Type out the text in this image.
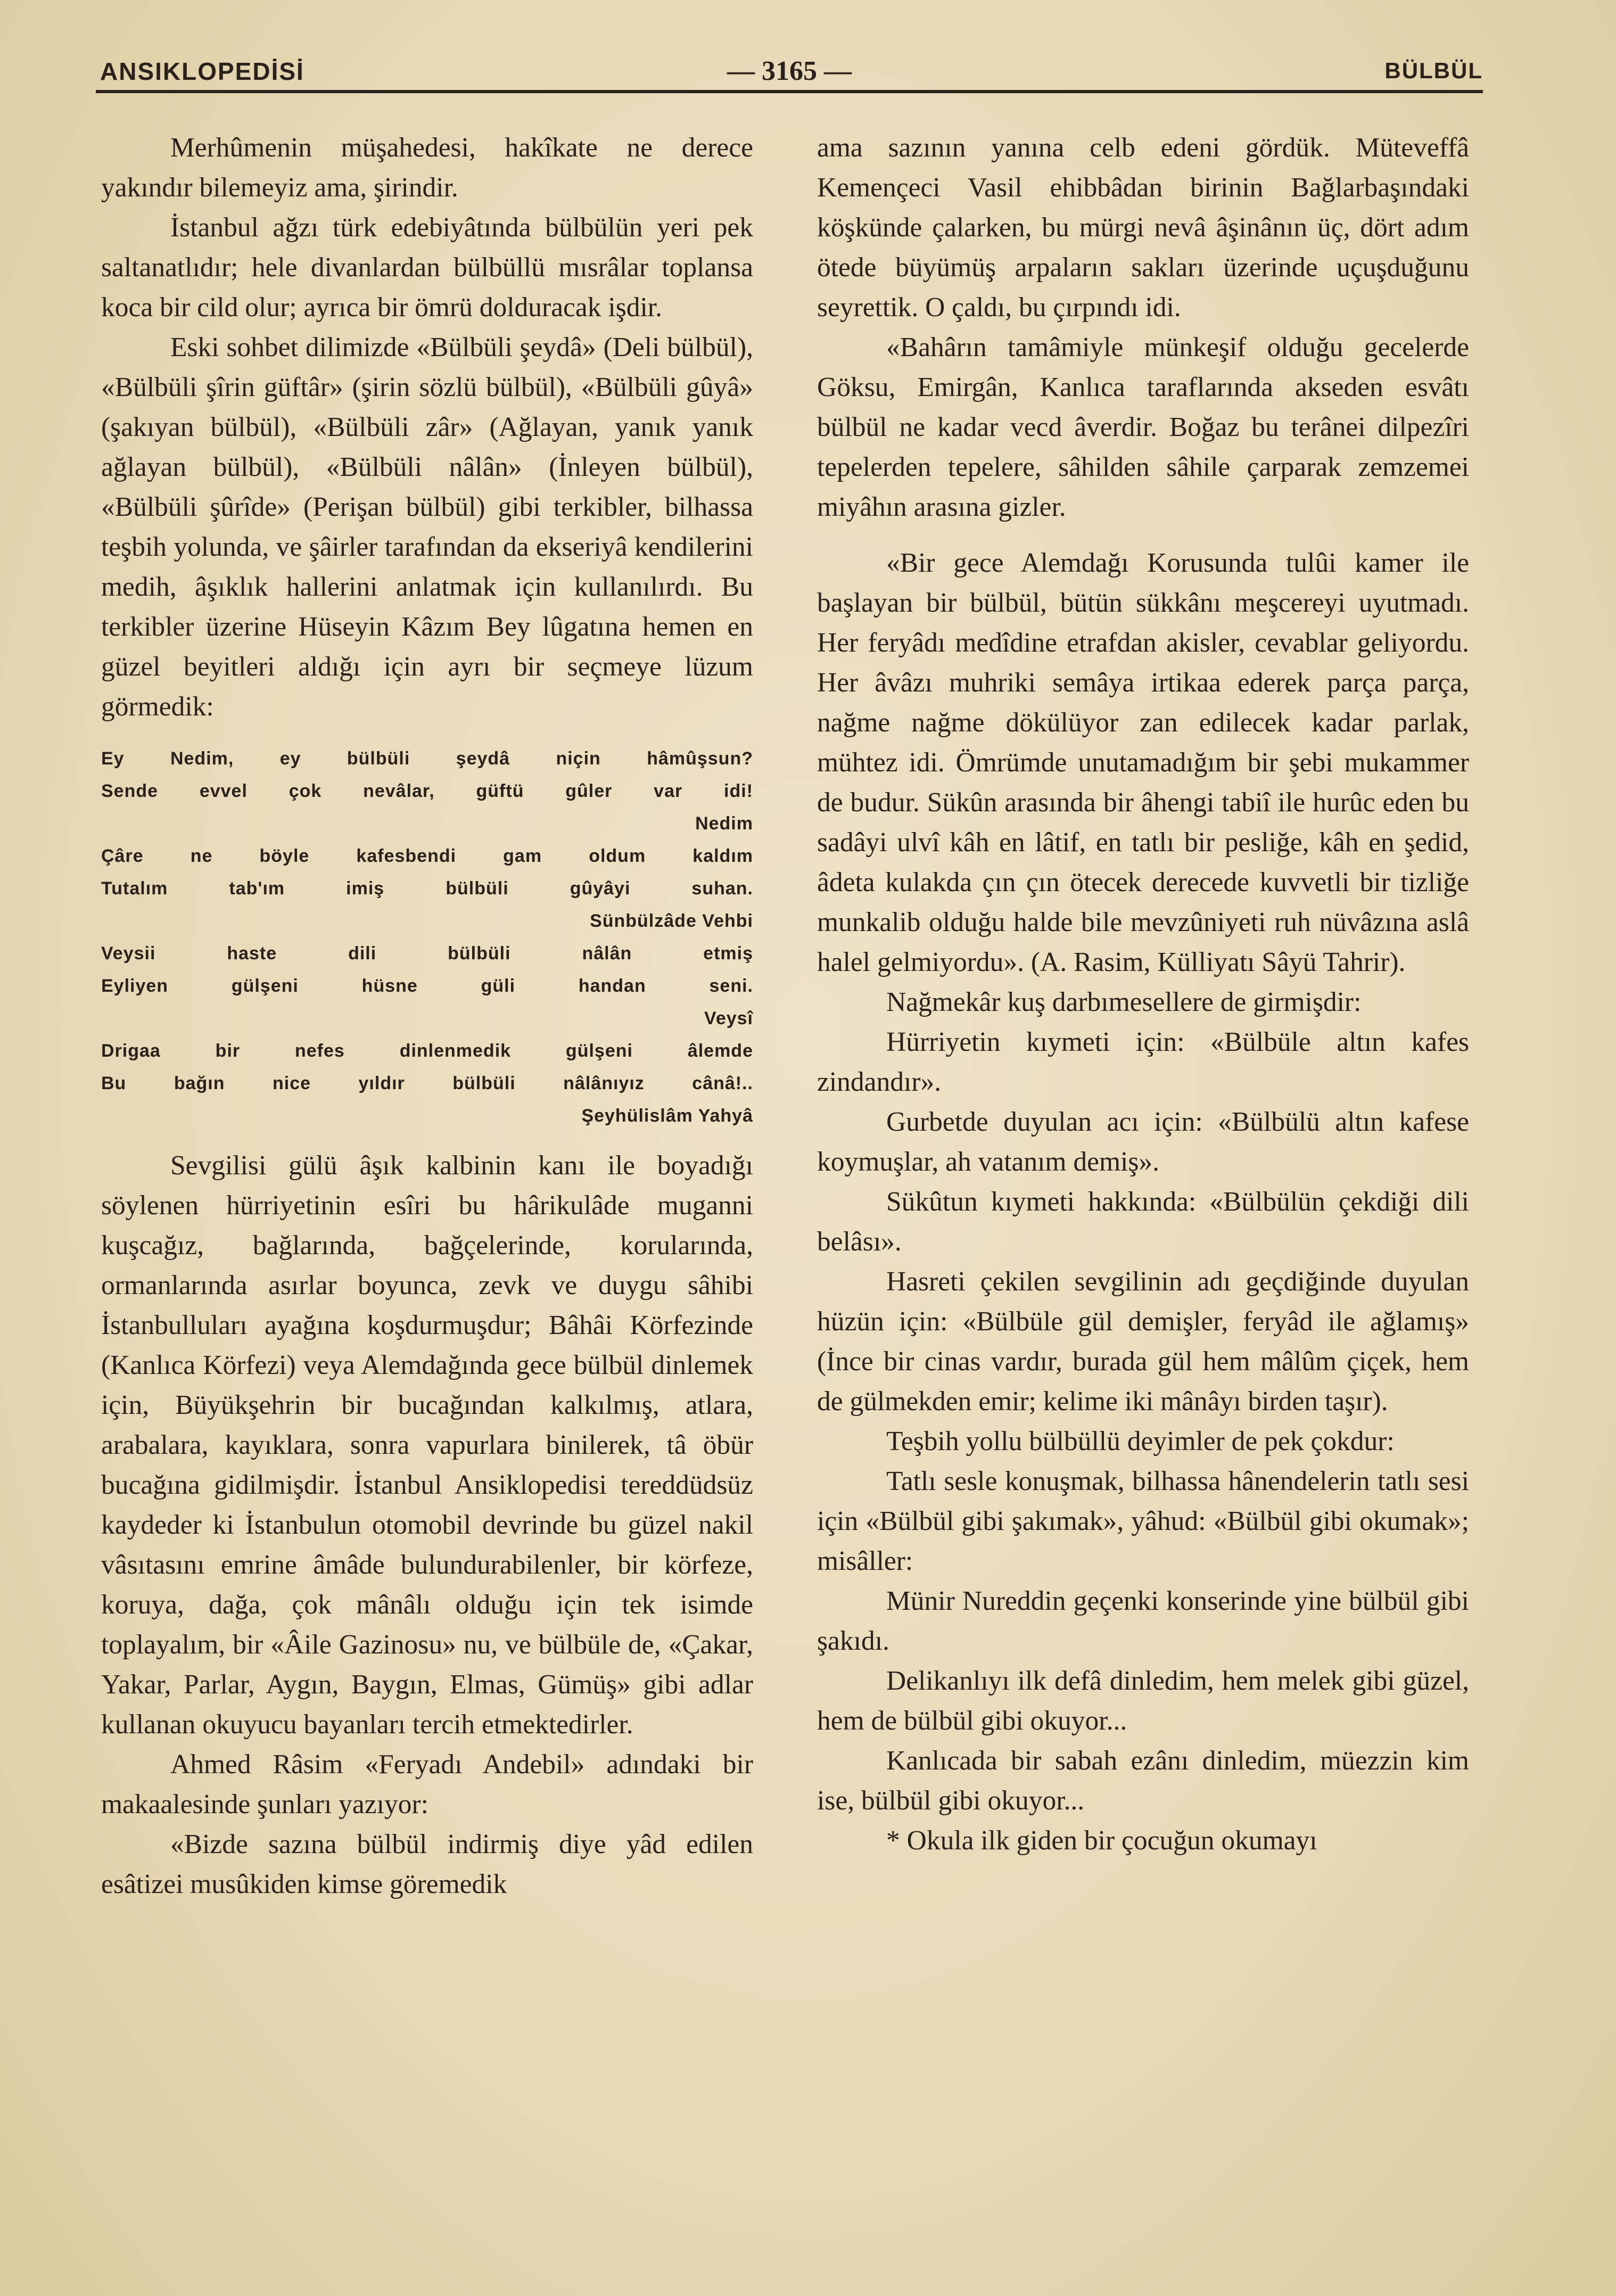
ANSIKLOPEDİSİ	— 3165 —	BÜLBÜL

Merhûmenin müşahedesi, hakîkate ne derece yakındır bilemeyiz ama, şirindir.

İstanbul ağzı türk edebiyâtında bülbülün yeri pek saltanatlıdır; hele divanlardan bülbüllü mısrâlar toplansa koca bir cild olur; ayrıca bir ömrü dolduracak işdir.

Eski sohbet dilimizde «Bülbüli şeydâ» (Deli bülbül), «Bülbüli şîrin güftâr» (şirin sözlü bülbül), «Bülbüli gûyâ» (şakıyan bülbül), «Bülbüli zâr» (Ağlayan, yanık yanık ağlayan bülbül), «Bülbüli nâlân» (İnleyen bülbül), «Bülbüli şûrîde» (Perişan bülbül) gibi terkibler, bilhassa teşbih yolunda, ve şâirler tarafından da ekseriyâ kendilerini medih, âşıklık hallerini anlatmak için kullanılırdı. Bu terkibler üzerine Hüseyin Kâzım Bey lûgatına hemen en güzel beyitleri aldığı için ayrı bir seçmeye lüzum görmedik:

Ey Nedim, ey bülbüli şeydâ niçin hâmûşsun?
Sende evvel çok nevâlar, güftü gûler var idi!
Nedim
Çâre ne böyle kafesbendi gam oldum kaldım
Tutalım tab'ım imiş bülbüli gûyâyi suhan.
Sünbülzâde Vehbi
Veysii haste dili bülbüli nâlân etmiş
Eyliyen gülşeni hüsne güli handan seni.
Veysî
Drigaa bir nefes dinlenmedik gülşeni âlemde
Bu bağın nice yıldır bülbüli nâlânıyız cânâ!..
Şeyhülislâm Yahyâ

Sevgilisi gülü âşık kalbinin kanı ile boyadığı söylenen hürriyetinin esîri bu hârikulâde muganni kuşcağız, bağlarında, bağçelerinde, korularında, ormanlarında asırlar boyunca, zevk ve duygu sâhibi İstanbulluları ayağına koşdurmuşdur; Bâhâi Körfezinde (Kanlıca Körfezi) veya Alemdağında gece bülbül dinlemek için, Büyükşehrin bir bucağından kalkılmış, atlara, arabalara, kayıklara, sonra vapurlara binilerek, tâ öbür bucağına gidilmişdir. İstanbul Ansiklopedisi tereddüdsüz kaydeder ki İstanbulun otomobil devrinde bu güzel nakil vâsıtasını emrine âmâde bulundurabilenler, bir körfeze, koruya, dağa, çok mânâlı olduğu için tek isimde toplayalım, bir «Âile Gazinosu» nu, ve bülbüle de, «Çakar, Yakar, Parlar, Aygın, Baygın, Elmas, Gümüş» gibi adlar kullanan okuyucu bayanları tercih etmektedirler.

Ahmed Râsim «Feryadı Andebil» adındaki bir makaalesinde şunları yazıyor:

«Bizde sazına bülbül indirmiş diye yâd edilen esâtizei musûkiden kimse göremedik

ama sazının yanına celb edeni gördük. Müteveffâ Kemençeci Vasil ehibbâdan birinin Bağlarbaşındaki köşkünde çalarken, bu mürgi nevâ âşinânın üç, dört adım ötede büyümüş arpaların sakları üzerinde uçuşduğunu seyrettik. O çaldı, bu çırpındı idi.

«Bahârın tamâmiyle münkeşif olduğu gecelerde Göksu, Emirgân, Kanlıca taraflarında akseden esvâtı bülbül ne kadar vecd âverdir. Boğaz bu terânei dilpezîri tepelerden tepelere, sâhilden sâhile çarparak zemzemei miyâhın arasına gizler.

«Bir gece Alemdağı Korusunda tulûi kamer ile başlayan bir bülbül, bütün sükkânı meşcereyi uyutmadı. Her feryâdı medîdine etrafdan akisler, cevablar geliyordu. Her âvâzı muhriki semâya irtikaa ederek parça parça, nağme nağme dökülüyor zan edilecek kadar parlak, mühtez idi. Ömrümde unutamadığım bir şebi mukammer de budur. Sükûn arasında bir âhengi tabiî ile hurûc eden bu sadâyi ulvî kâh en lâtif, en tatlı bir pesliğe, kâh en şedid, âdeta kulakda çın çın ötecek derecede kuvvetli bir tizliğe munkalib olduğu halde bile mevzûniyeti ruh nüvâzına aslâ halel gelmiyordu». (A. Rasim, Külliyatı Sâyü Tahrir).

Nağmekâr kuş darbımesellere de girmişdir:

Hürriyetin kıymeti için: «Bülbüle altın kafes zindandır».

Gurbetde duyulan acı için: «Bülbülü altın kafese koymuşlar, ah vatanım demiş».

Sükûtun kıymeti hakkında: «Bülbülün çekdiği dili belâsı».

Hasreti çekilen sevgilinin adı geçdiğinde duyulan hüzün için: «Bülbüle gül demişler, feryâd ile ağlamış» (İnce bir cinas vardır, burada gül hem mâlûm çiçek, hem de gülmekden emir; kelime iki mânâyı birden taşır).

Teşbih yollu bülbüllü deyimler de pek çokdur:

Tatlı sesle konuşmak, bilhassa hânendelerin tatlı sesi için «Bülbül gibi şakımak», yâhud: «Bülbül gibi okumak»; misâller:

Münir Nureddin geçenki konserinde yine bülbül gibi şakıdı.

Delikanlıyı ilk defâ dinledim, hem melek gibi güzel, hem de bülbül gibi okuyor...

Kanlıcada bir sabah ezânı dinledim, müezzin kim ise, bülbül gibi okuyor...

* Okula ilk giden bir çocuğun okumayı
